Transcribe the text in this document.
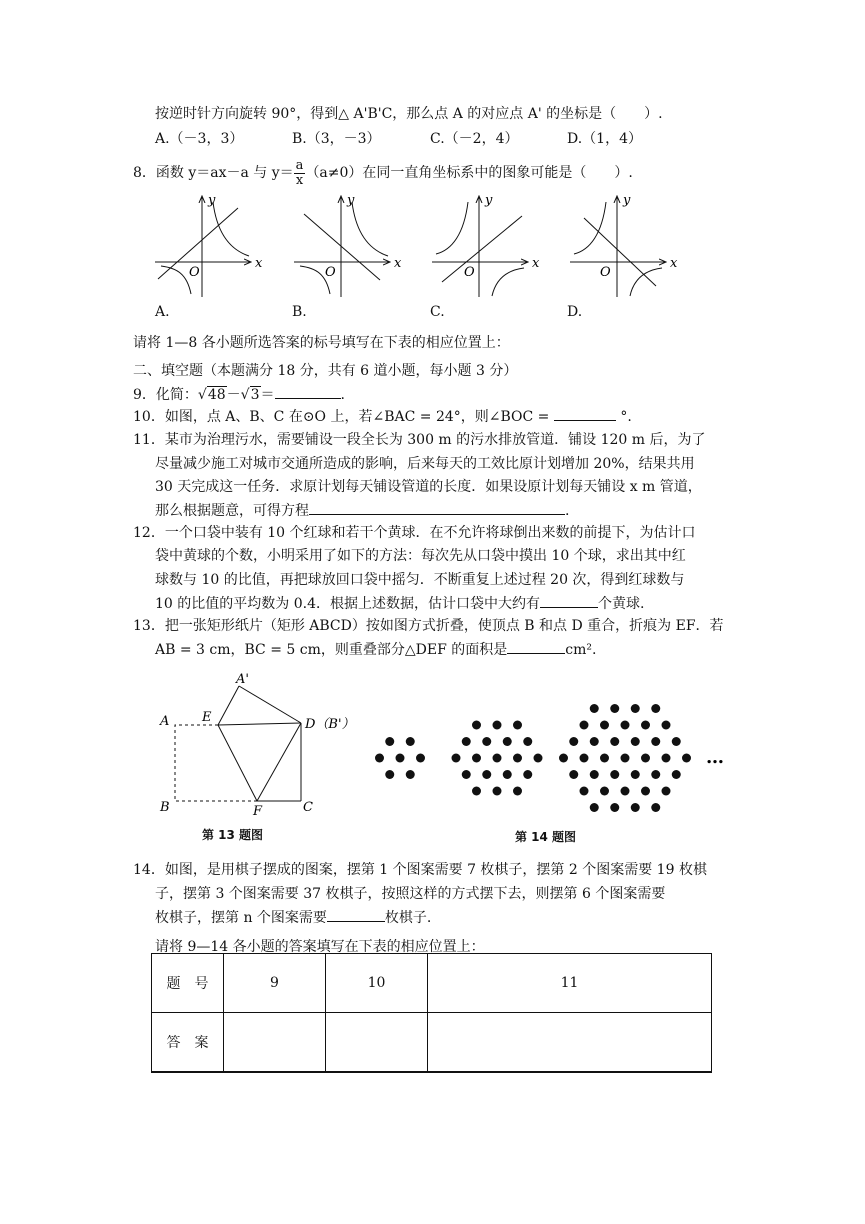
按逆时针方向旋转 90°，得到△ A'B'C，那么点 A 的对应点 A' 的坐标是（　　）.
A.（－3，3）	B.（3，－3）	C.（－2，4）	D.（1，4）
8．函数 y＝ax－a 与 $y= \frac{a}{x} (a\ne 0)$在同一直角坐标系中的图象可能是（　　）.
x
y
O
x
y
O
x
y
O
x
y
O
A.	B.	C.	D.
请将 1—8 各小题所选答案的标号填写在下表的相应位置上：
二、填空题（本题满分 18 分，共有 6 道小题，每小题 3 分）
9．化简：√48－√3＝	.
10．如图，点 A、B、C 在⊙O 上，若∠BAC = 24°，则∠BOC =	°.
11．某市为治理污水，需要铺设一段全长为 300 m 的污水排放管道．铺设 120 m 后，为了
尽量减少施工对城市交通所造成的影响，后来每天的工效比原计划增加 20%，结果共用
30 天完成这一任务．求原计划每天铺设管道的长度．如果设原计划每天铺设 x m 管道，
那么根据题意，可得方程	.
12．一个口袋中装有 10 个红球和若干个黄球．在不允许将球倒出来数的前提下，为估计口
袋中黄球的个数，小明采用了如下的方法：每次先从口袋中摸出 10 个球，求出其中红
球数与 10 的比值，再把球放回口袋中摇匀．不断重复上述过程 20 次，得到红球数与
10 的比值的平均数为 0.4．根据上述数据，估计口袋中大约有	个黄球.
13．把一张矩形纸片（矩形 ABCD）按如图方式折叠，使顶点 B 和点 D 重合，折痕为 EF．若
AB = 3 cm，BC = 5 cm，则重叠部分△DEF 的面积是	cm².
A'
A	E	D（B'）
B	F	C
第 13 题图
…
第 14 题图
14．如图，是用棋子摆成的图案，摆第 1 个图案需要 7 枚棋子，摆第 2 个图案需要 19 枚棋
子，摆第 3 个图案需要 37 枚棋子，按照这样的方式摆下去，则摆第 6 个图案需要
枚棋子，摆第 n 个图案需要	枚棋子.
请将 9—14 各小题的答案填写在下表的相应位置上：
题　号	9	10	11
答　案			
